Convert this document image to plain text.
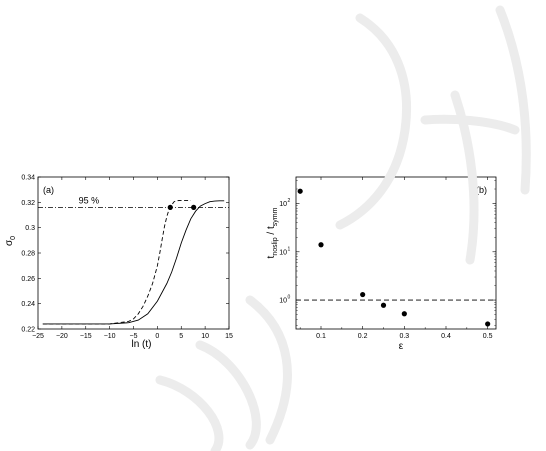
−25 −20 −15 −10 −5	0	5	10 15
0.22
0.24
0.26
0.28
0.3
0.32
0.34
(a)
95 %
ln (t)
$\sigma_0$
0.1	0.2	0.3	0.4	0.5
10 0
10 1
10 2
(b)
ε
$t_{noslip} / t_{symm}$
